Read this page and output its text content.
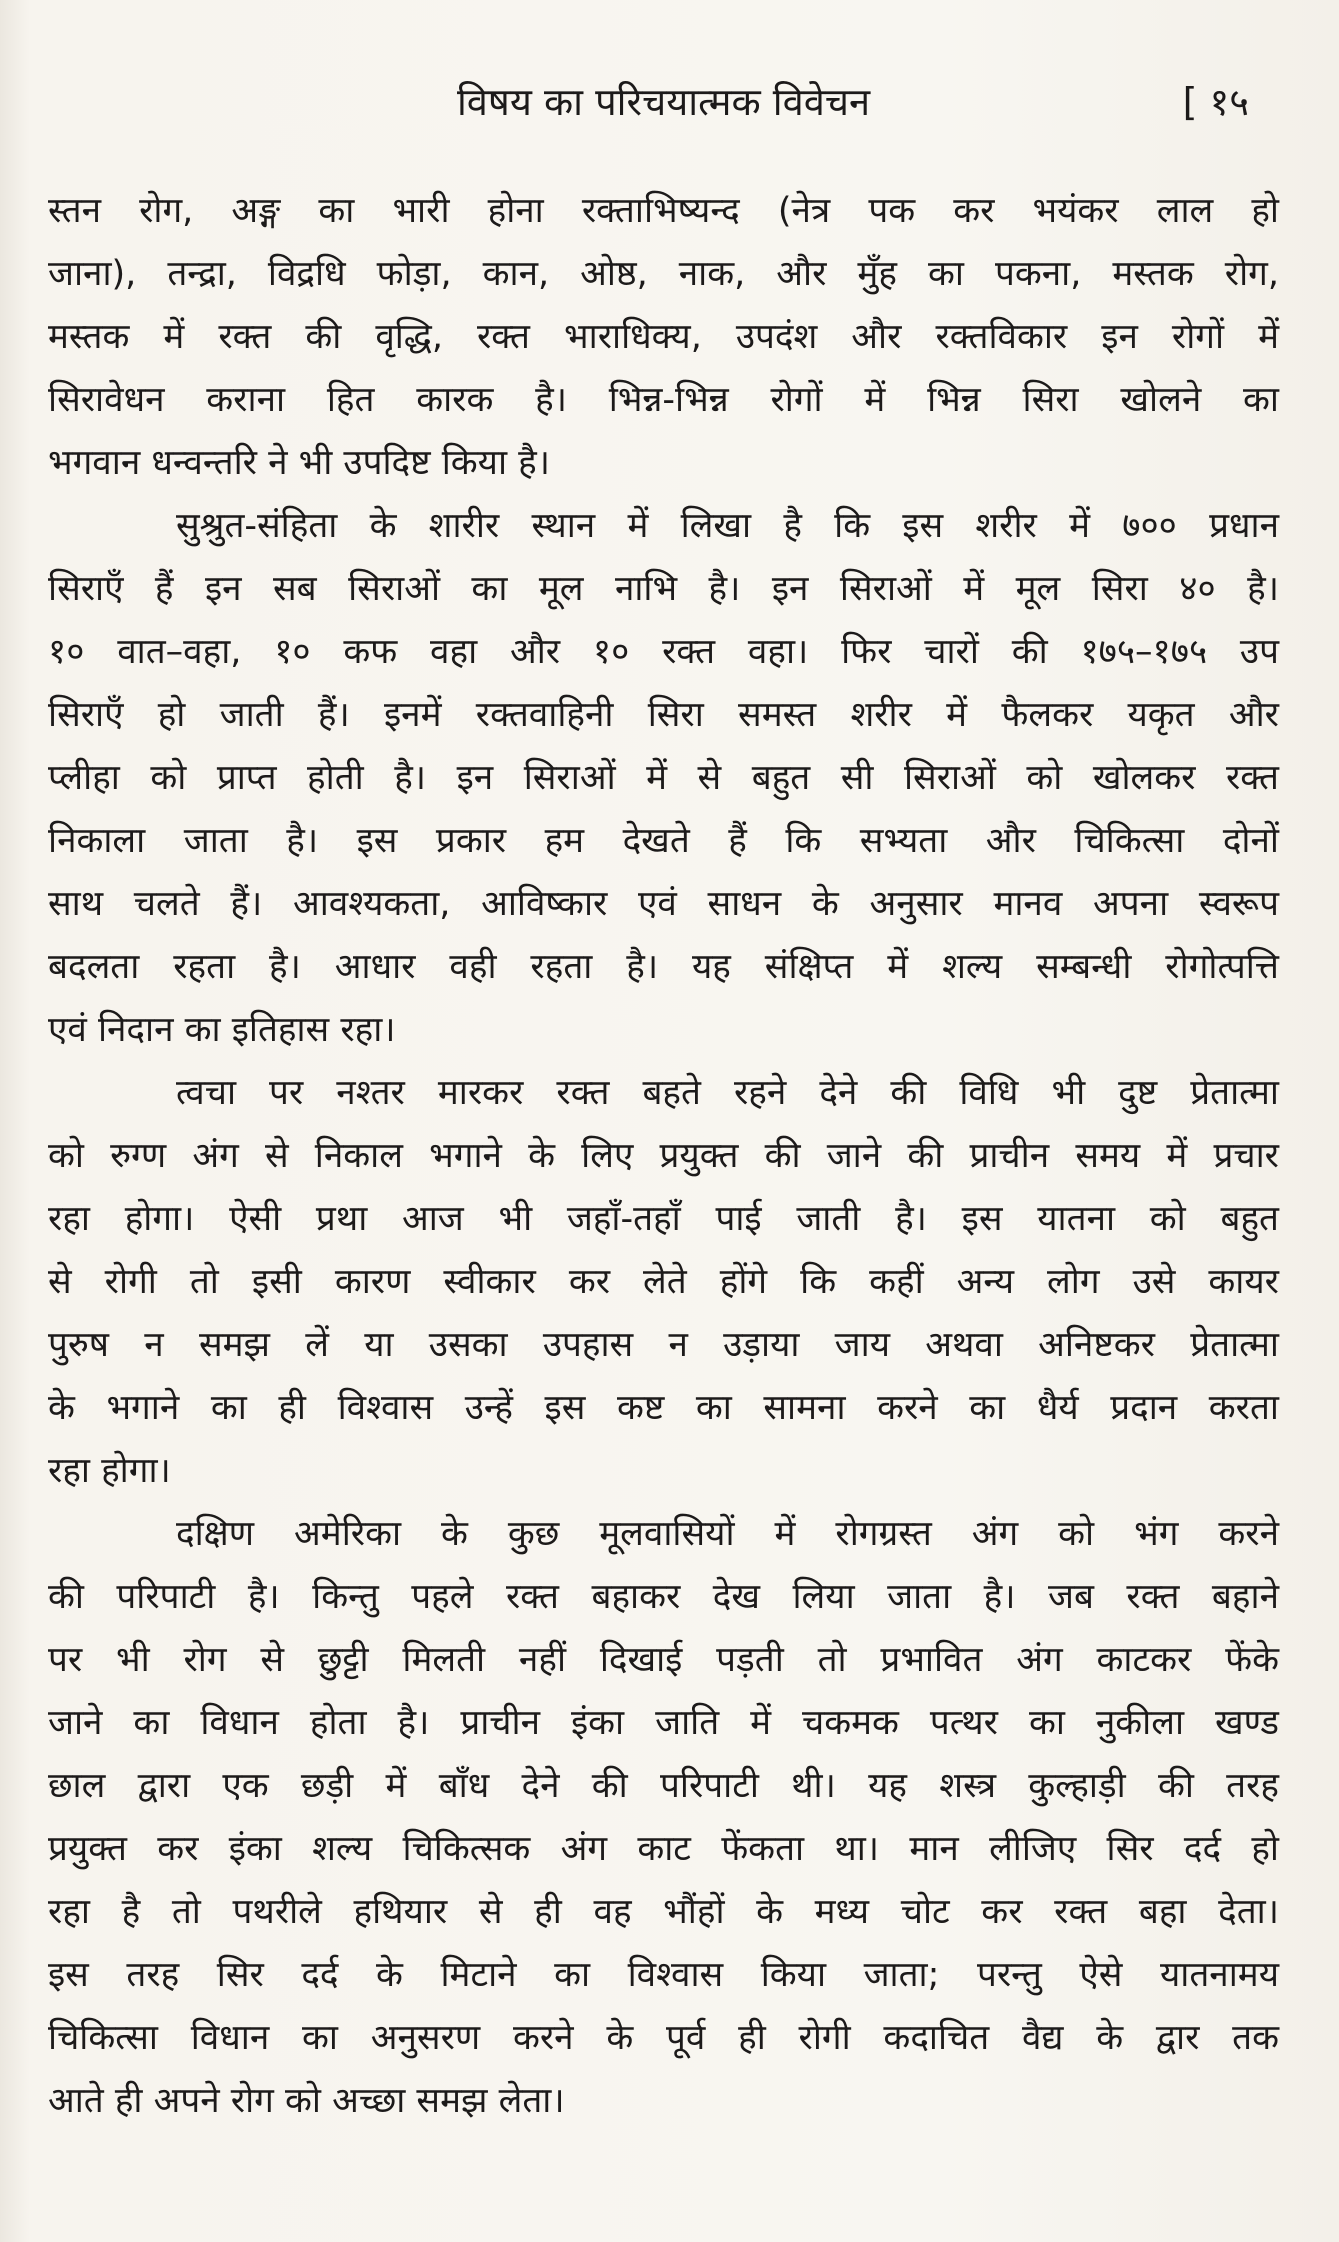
विषय का परिचयात्मक विवेचन	[ १५
स्तन रोग, अङ्ग का भारी होना रक्ताभिष्यन्द (नेत्र पक कर भयंकर लाल हो
जाना), तन्द्रा, विद्रधि फोड़ा, कान, ओष्ठ, नाक, और मुँह का पकना, मस्तक रोग,
मस्तक में रक्त की वृद्धि, रक्त भाराधिक्य, उपदंश और रक्तविकार इन रोगों में
सिरावेधन कराना हित कारक है। भिन्न-भिन्न रोगों में भिन्न सिरा खोलने का
भगवान धन्वन्तरि ने भी उपदिष्ट किया है।
सुश्रुत-संहिता के शारीर स्थान में लिखा है कि इस शरीर में ७०० प्रधान
सिराएँ हैं इन सब सिराओं का मूल नाभि है। इन सिराओं में मूल सिरा ४० है।
१० वात–वहा, १० कफ वहा और १० रक्त वहा। फिर चारों की १७५–१७५ उप
सिराएँ हो जाती हैं। इनमें रक्तवाहिनी सिरा समस्त शरीर में फैलकर यकृत और
प्लीहा को प्राप्त होती है। इन सिराओं में से बहुत सी सिराओं को खोलकर रक्त
निकाला जाता है। इस प्रकार हम देखते हैं कि सभ्यता और चिकित्सा दोनों
साथ चलते हैं। आवश्यकता, आविष्कार एवं साधन के अनुसार मानव अपना स्वरूप
बदलता रहता है। आधार वही रहता है। यह संक्षिप्त में शल्य सम्बन्धी रोगोत्पत्ति
एवं निदान का इतिहास रहा।
त्वचा पर नश्तर मारकर रक्त बहते रहने देने की विधि भी दुष्ट प्रेतात्मा
को रुग्ण अंग से निकाल भगाने के लिए प्रयुक्त की जाने की प्राचीन समय में प्रचार
रहा होगा। ऐसी प्रथा आज भी जहाँ-तहाँ पाई जाती है। इस यातना को बहुत
से रोगी तो इसी कारण स्वीकार कर लेते होंगे कि कहीं अन्य लोग उसे कायर
पुरुष न समझ लें या उसका उपहास न उड़ाया जाय अथवा अनिष्टकर प्रेतात्मा
के भगाने का ही विश्वास उन्हें इस कष्ट का सामना करने का धैर्य प्रदान करता
रहा होगा।
दक्षिण अमेरिका के कुछ मूलवासियों में रोगग्रस्त अंग को भंग करने
की परिपाटी है। किन्तु पहले रक्त बहाकर देख लिया जाता है। जब रक्त बहाने
पर भी रोग से छुट्टी मिलती नहीं दिखाई पड़ती तो प्रभावित अंग काटकर फेंके
जाने का विधान होता है। प्राचीन इंका जाति में चकमक पत्थर का नुकीला खण्ड
छाल द्वारा एक छड़ी में बाँध देने की परिपाटी थी। यह शस्त्र कुल्हाड़ी की तरह
प्रयुक्त कर इंका शल्य चिकित्सक अंग काट फेंकता था। मान लीजिए सिर दर्द हो
रहा है तो पथरीले हथियार से ही वह भौंहों के मध्य चोट कर रक्त बहा देता।
इस तरह सिर दर्द के मिटाने का विश्वास किया जाता; परन्तु ऐसे यातनामय
चिकित्सा विधान का अनुसरण करने के पूर्व ही रोगी कदाचित वैद्य के द्वार तक
आते ही अपने रोग को अच्छा समझ लेता।
